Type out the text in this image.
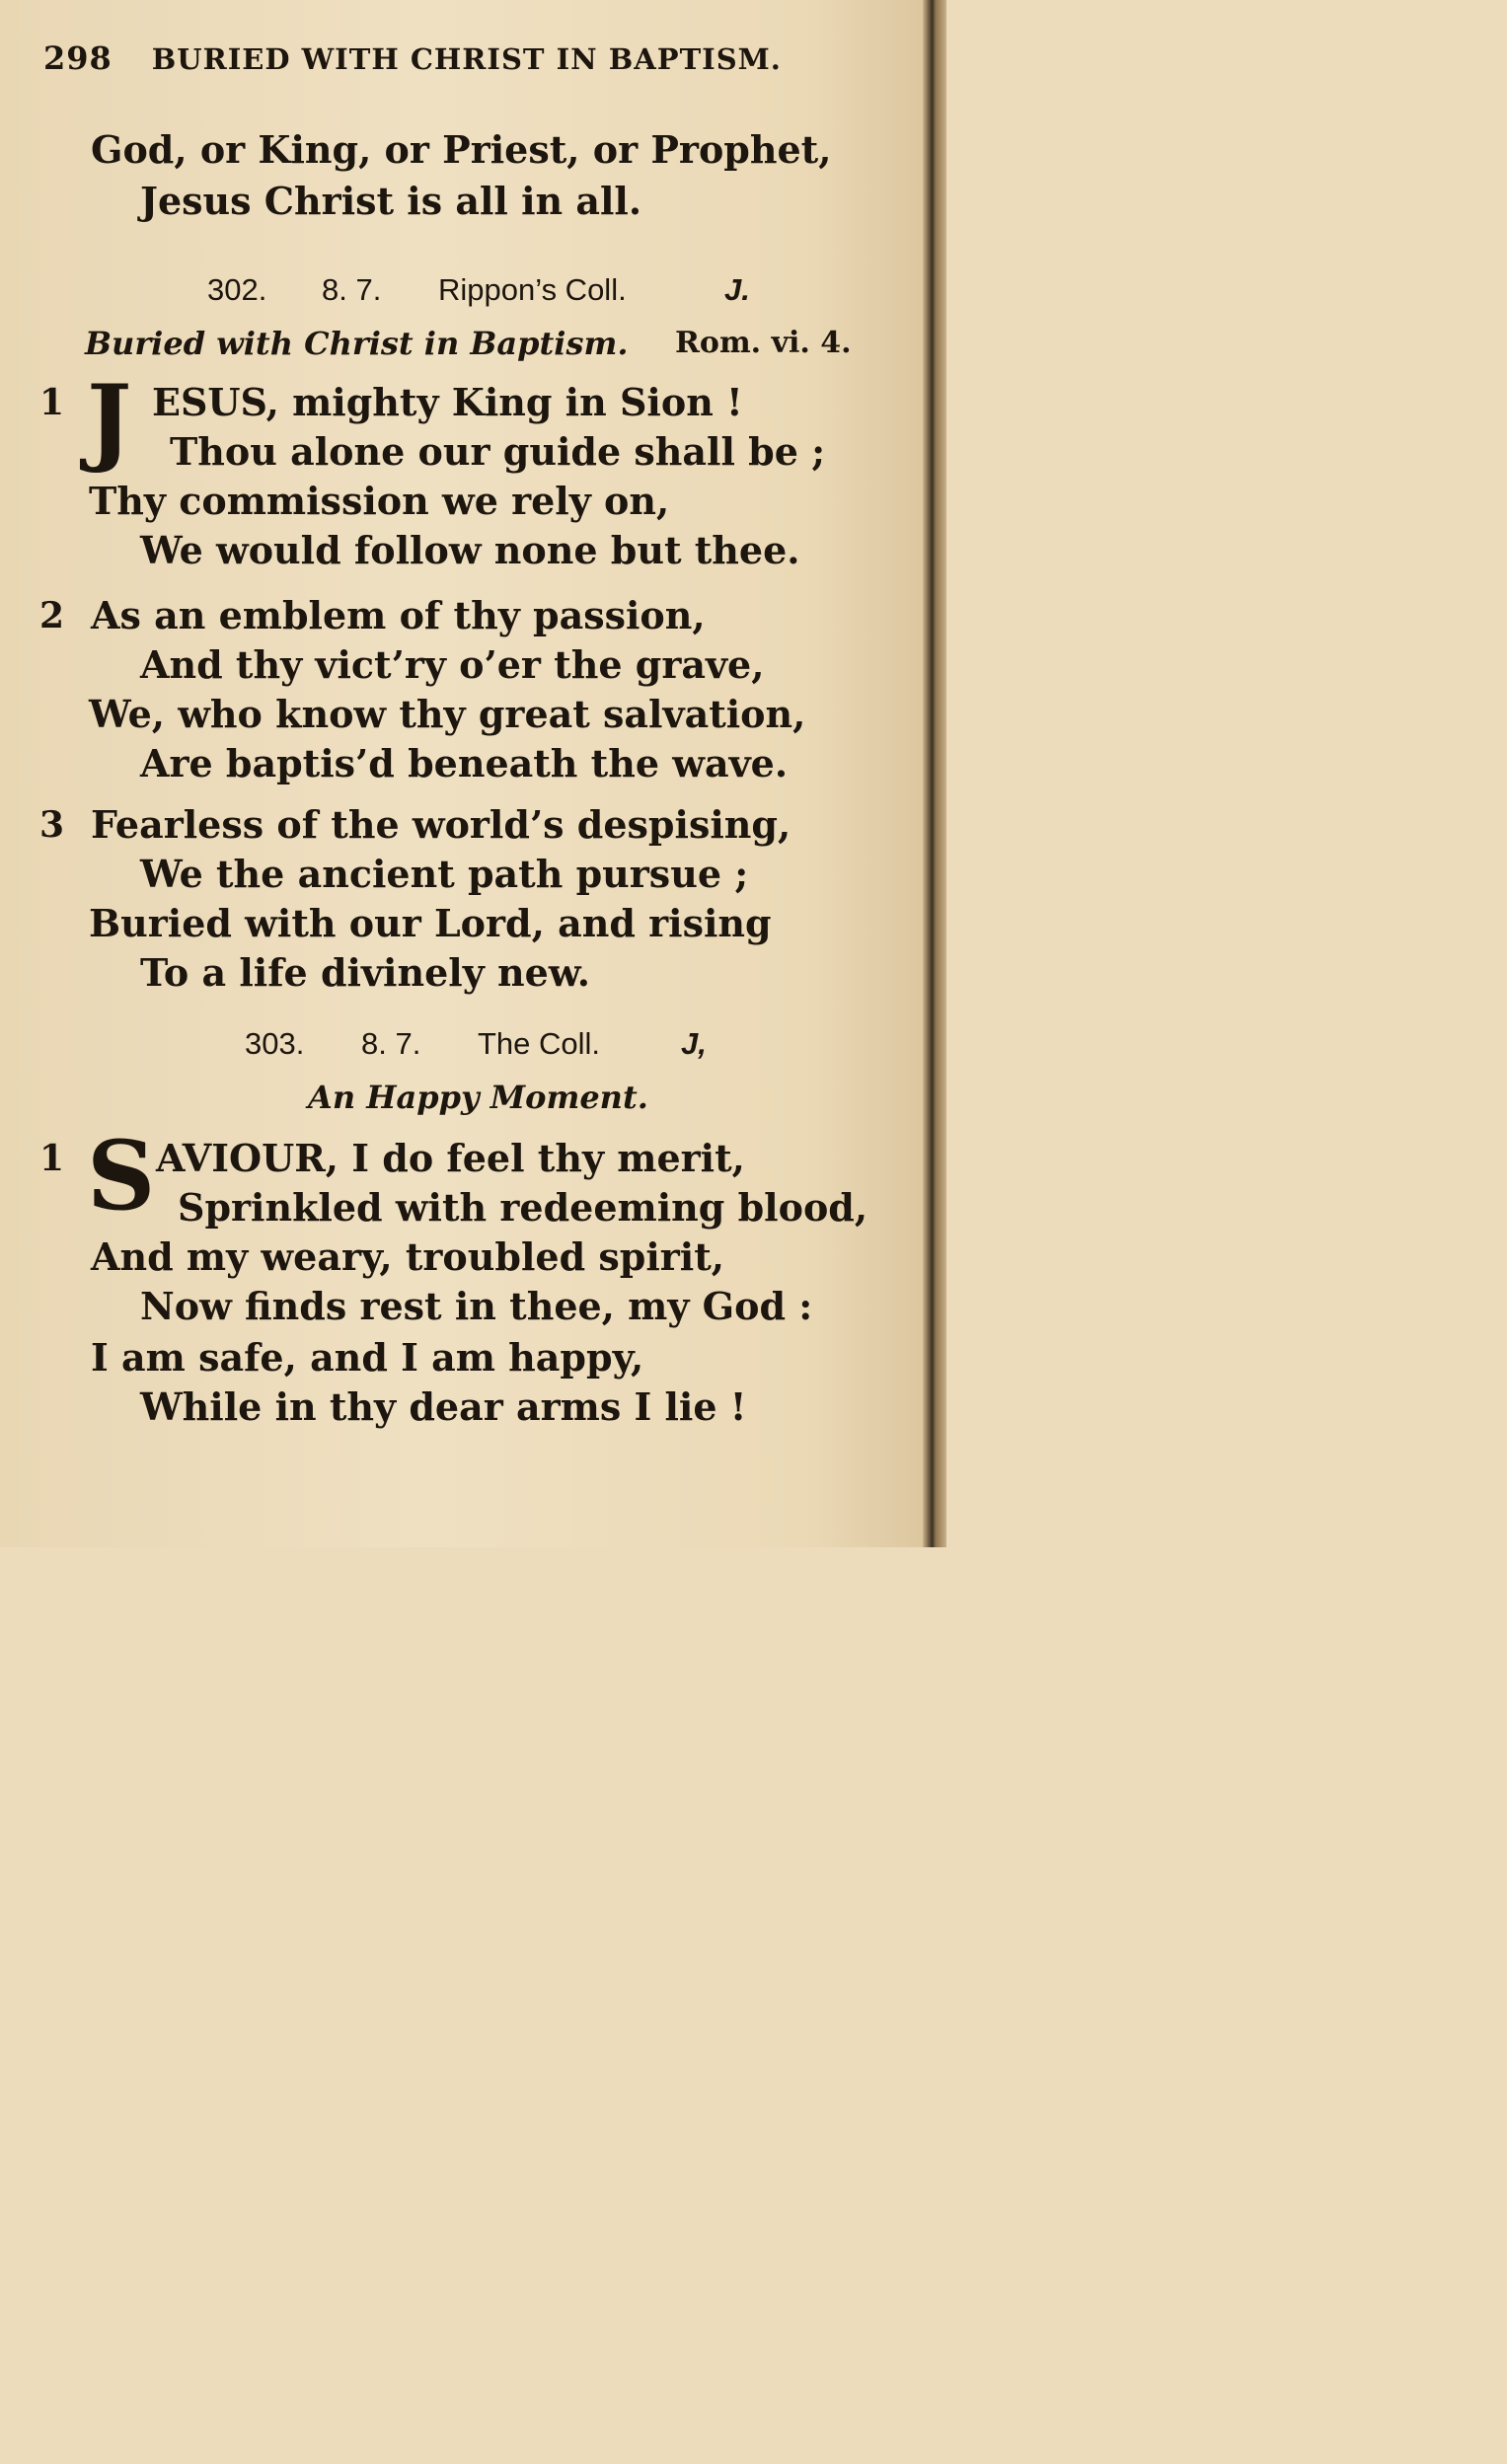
298 BURIED WITH CHRIST IN BAPTISM.
God, or King, or Priest, or Prophet,
Jesus Christ is all in all.
302. 8. 7. Rippon’s Coll.	J.
Buried with Christ in Baptism. Rom. vi. 4.
1 J ESUS, mighty King in Sion !
Thou alone our guide shall be ;
Thy commission we rely on,
We would follow none but thee.
2 As an emblem of thy passion,
And thy vict’ry o’er the grave,
We, who know thy great salvation,
Are baptis’d beneath the wave.
3 Fearless of the world’s despising,
We the ancient path pursue ;
Buried with our Lord, and rising
To a life divinely new.
303. 8. 7. The Coll.	J,
An Happy Moment.
1 S AVIOUR, I do feel thy merit,
Sprinkled with redeeming blood,
And my weary, troubled spirit,
Now finds rest in thee, my God :
I am safe, and I am happy,
While in thy dear arms I lie !
